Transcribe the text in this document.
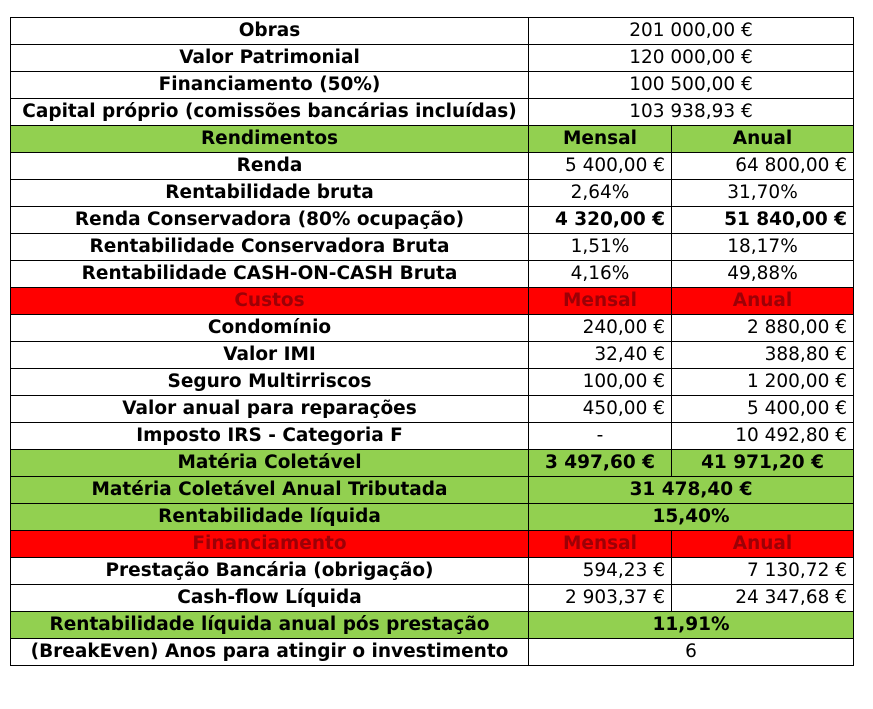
Obras	201 000,00 €	
Valor Patrimonial	120 000,00 €	
Financiamento (50%)	100 500,00 €	
Capital próprio (comissões bancárias incluídas)	103 938,93 €	
Rendimentos	Mensal	Anual
Renda	5 400,00 €	64 800,00 €
Rentabilidade bruta	2,64%	31,70%
Renda Conservadora (80% ocupação)	4 320,00 €	51 840,00 €
Rentabilidade Conservadora Bruta	1,51%	18,17%
Rentabilidade CASH-ON-CASH Bruta	4,16%	49,88%
Custos	Mensal	Anual
Condomínio	240,00 €	2 880,00 €
Valor IMI	32,40 €	388,80 €
Seguro Multirriscos	100,00 €	1 200,00 €
Valor anual para reparações	450,00 €	5 400,00 €
Imposto IRS - Categoria F	-	10 492,80 €
Matéria Coletável	3 497,60 €	41 971,20 €
Matéria Coletável Anual Tributada	31 478,40 €	
Rentabilidade líquida	15,40%	
Financiamento	Mensal	Anual
Prestação Bancária (obrigação)	594,23 €	7 130,72 €
Cash-flow Líquida	2 903,37 €	24 347,68 €
Rentabilidade líquida anual pós prestação	11,91%	
(BreakEven) Anos para atingir o investimento	6	
